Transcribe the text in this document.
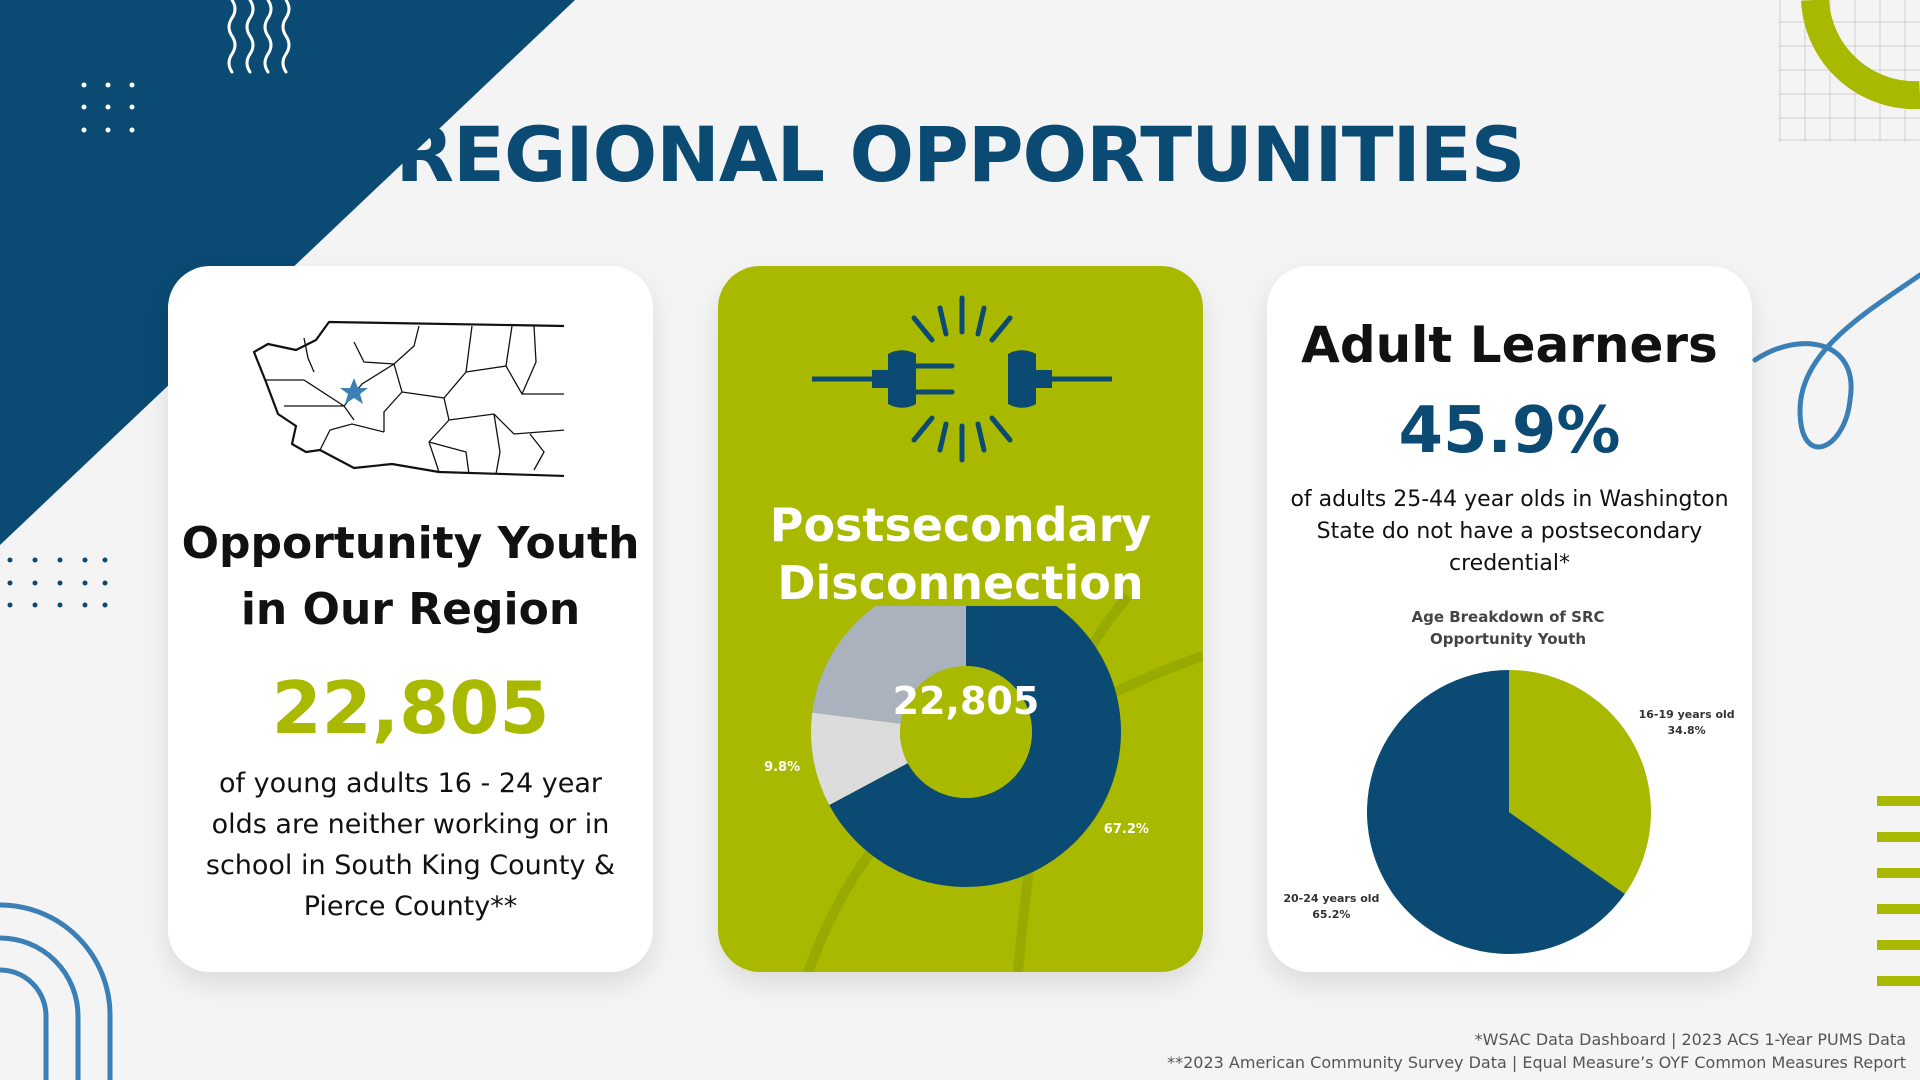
REGIONAL OPPORTUNITIES
Opportunity Youth
in Our Region
22,805
of young adults 16 - 24 year
olds are neither working or in
school in South King County &
Pierce County**
Postsecondary
Disconnection
67.2%
9.8%
22,805
Adult Learners
45.9%
of adults 25-44 year olds in Washington
State do not have a postsecondary
credential*
Age Breakdown of SRC
Opportunity Youth
16-19 years old 34.8%
20-24 years old 65.2%
*WSAC Data Dashboard | 2023 ACS 1-Year PUMS Data
**2023 American Community Survey Data | Equal Measure’s OYF Common Measures Report
